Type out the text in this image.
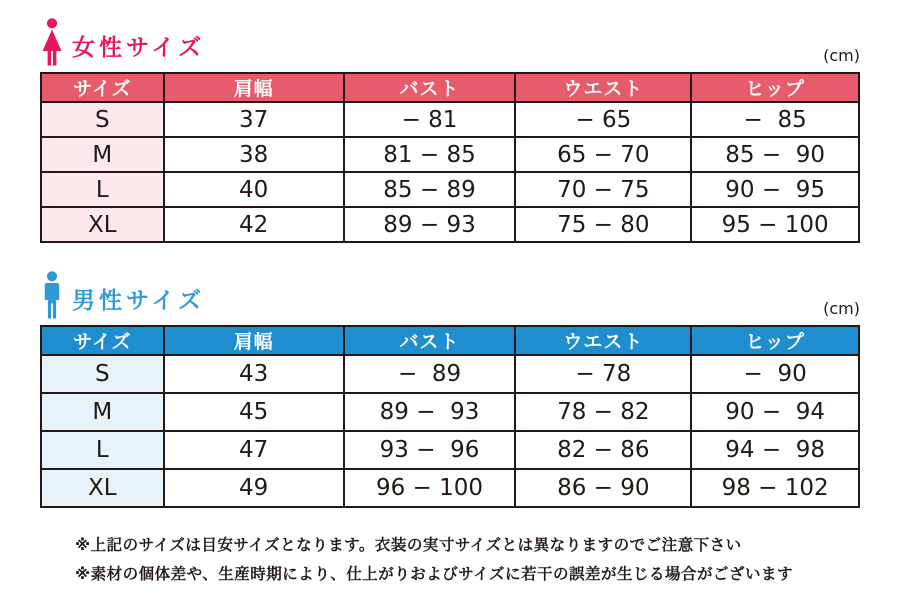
女性サイズ	(cm)
サイズ	肩幅	バスト	ウエスト	ヒップ
S	37	− 81	− 65	−  85
M	38	81 − 85	65 − 70	85 −  90
L	40	85 − 89	70 − 75	90 −  95
XL	42	89 − 93	75 − 80	95 − 100
男性サイズ	(cm)
サイズ	肩幅	バスト	ウエスト	ヒップ
S	43	−  89	− 78	−  90
M	45	89 −  93	78 − 82	90 −  94
L	47	93 −  96	82 − 86	94 −  98
XL	49	96 − 100	86 − 90	98 − 102

※上記のサイズは目安サイズとなります。衣装の実寸サイズとは異なりますのでご注意下さい

※素材の個体差や、生産時期により、仕上がりおよびサイズに若干の誤差が生じる場合がございます
